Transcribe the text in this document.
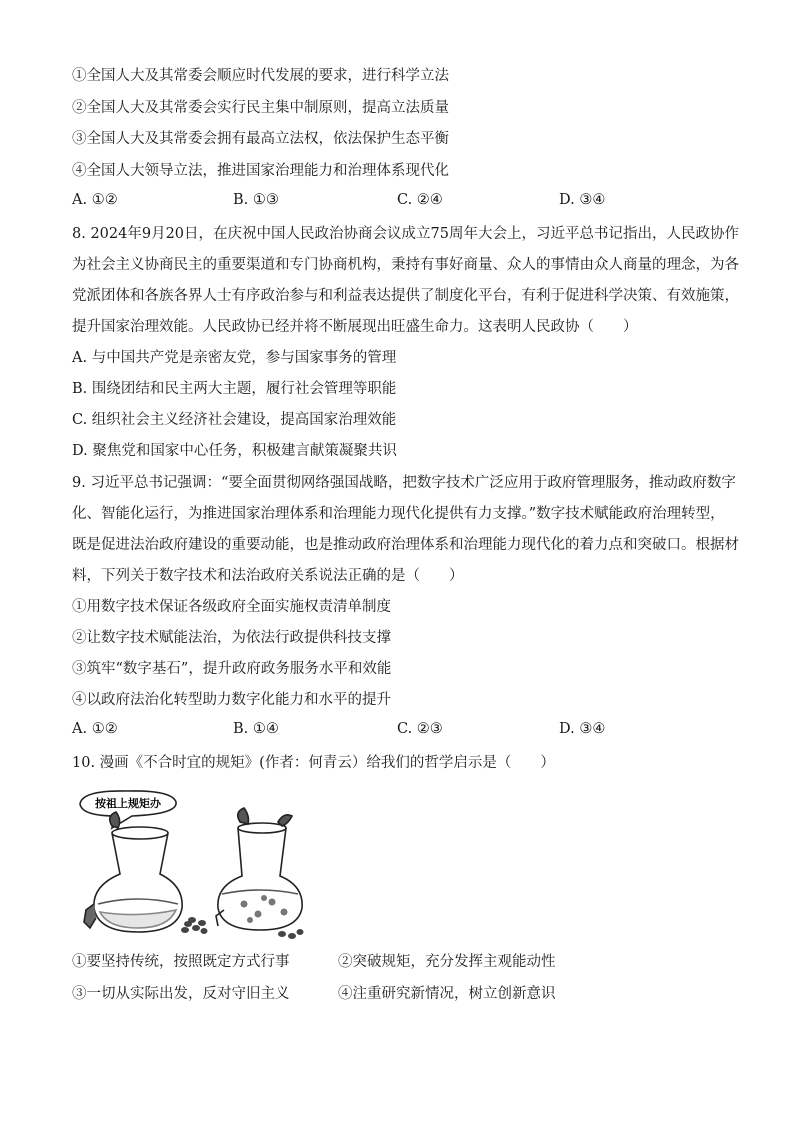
①全国人大及其常委会顺应时代发展的要求，进行科学立法
②全国人大及其常委会实行民主集中制原则，提高立法质量
③全国人大及其常委会拥有最高立法权，依法保护生态平衡
④全国人大领导立法，推进国家治理能力和治理体系现代化
A. ①②	B. ①③	C. ②④	D. ③④
8. 2024年9月20日，在庆祝中国人民政治协商会议成立75周年大会上，习近平总书记指出，人民政协作
为社会主义协商民主的重要渠道和专门协商机构，秉持有事好商量、众人的事情由众人商量的理念，为各
党派团体和各族各界人士有序政治参与和利益表达提供了制度化平台，有利于促进科学决策、有效施策，
提升国家治理效能。人民政协已经并将不断展现出旺盛生命力。这表明人民政协（　　）
A. 与中国共产党是亲密友党，参与国家事务的管理
B. 围绕团结和民主两大主题，履行社会管理等职能
C. 组织社会主义经济社会建设，提高国家治理效能
D. 聚焦党和国家中心任务，积极建言献策凝聚共识
9. 习近平总书记强调：“要全面贯彻网络强国战略，把数字技术广泛应用于政府管理服务，推动政府数字
化、智能化运行，为推进国家治理体系和治理能力现代化提供有力支撑。”数字技术赋能政府治理转型，
既是促进法治政府建设的重要动能，也是推动政府治理体系和治理能力现代化的着力点和突破口。根据材
料，下列关于数字技术和法治政府关系说法正确的是（　　）
①用数字技术保证各级政府全面实施权责清单制度
②让数字技术赋能法治，为依法行政提供科技支撑
③筑牢“数字基石”，提升政府政务服务水平和效能
④以政府法治化转型助力数字化能力和水平的提升
A. ①②	B. ①④	C. ②③	D. ③④
10. 漫画《不合时宜的规矩》(作者：何青云）给我们的哲学启示是（　　）
按祖上规矩办
①要坚持传统，按照既定方式行事	②突破规矩，充分发挥主观能动性
③一切从实际出发，反对守旧主义	④注重研究新情况，树立创新意识
